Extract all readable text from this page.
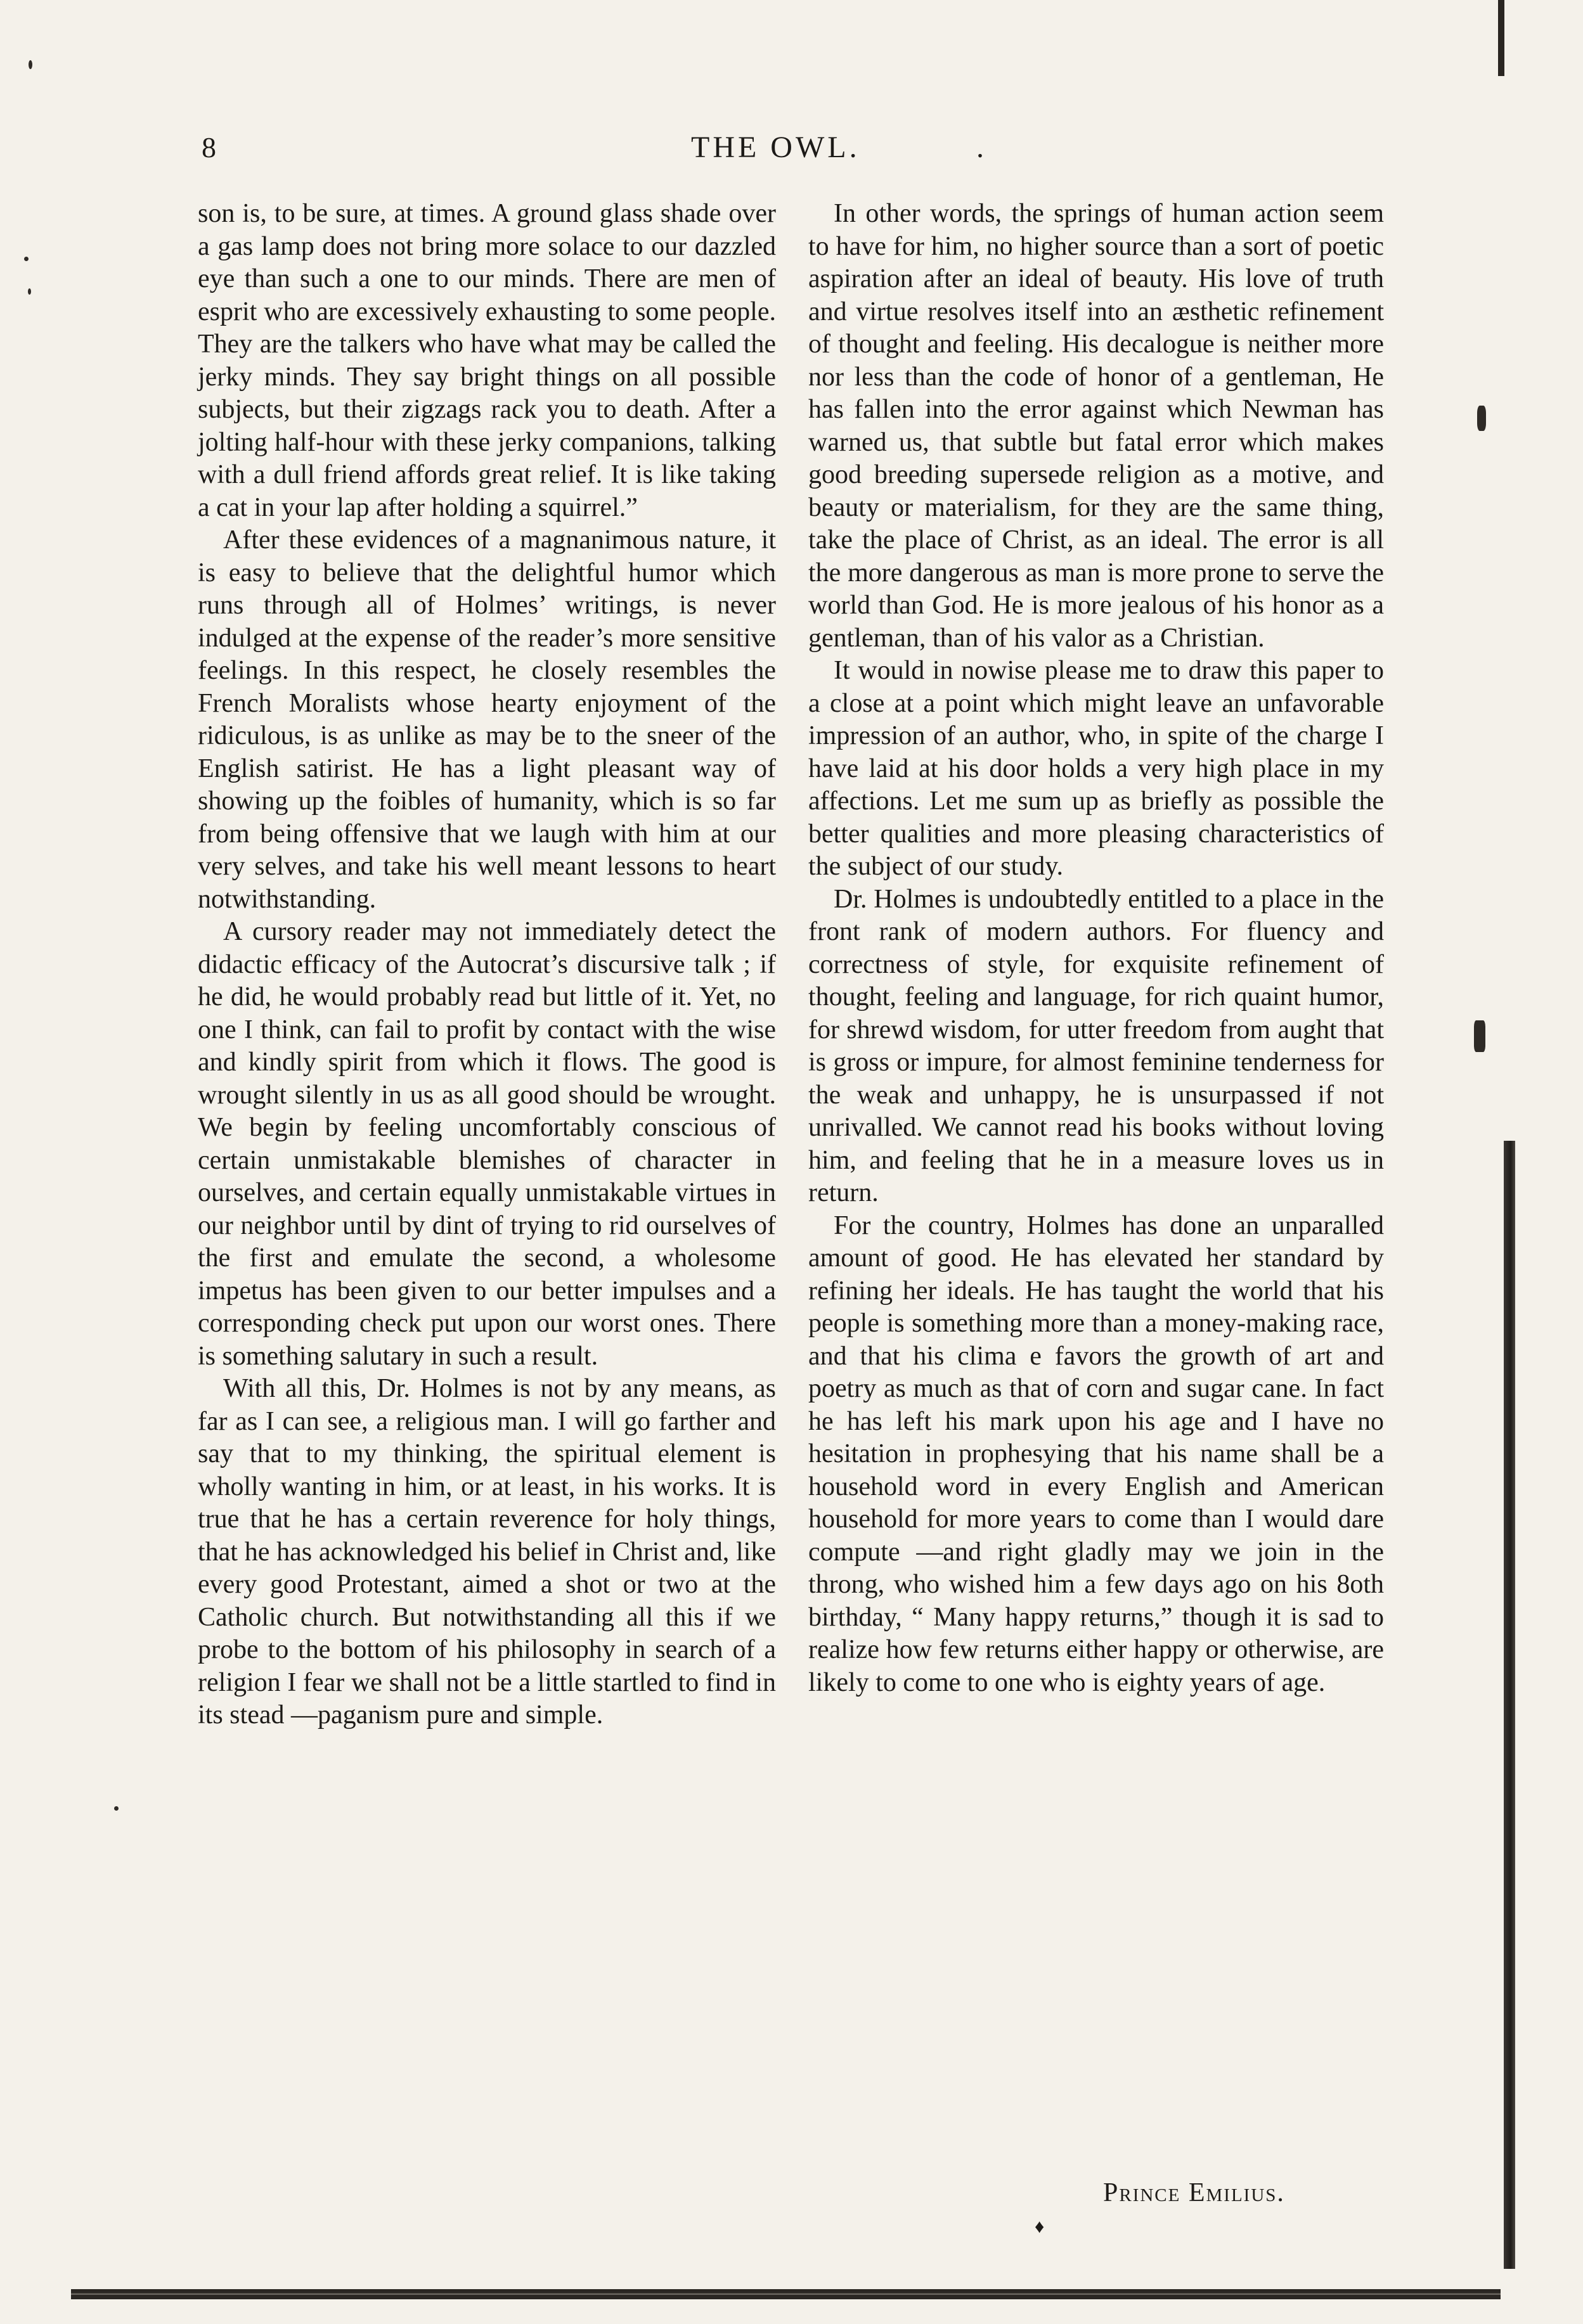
8	THE OWL.	.

son is, to be sure, at times. A ground glass shade over a gas lamp does not bring more solace to our dazzled eye than such a one to our minds. There are men of esprit who are excessively exhausting to some people. They are the talkers who have what may be called the jerky minds. They say bright things on all possible subjects, but their zigzags rack you to death. After a jolting half-hour with these jerky companions, talking with a dull friend affords great relief. It is like taking a cat in your lap after holding a squirrel.”

After these evidences of a magnanimous nature, it is easy to believe that the delightful humor which runs through all of Holmes’ writings, is never indulged at the expense of the reader’s more sensitive feelings. In this respect, he closely resembles the French Moralists whose hearty enjoyment of the ridiculous, is as unlike as may be to the sneer of the English satirist. He has a light pleasant way of showing up the foibles of humanity, which is so far from being offensive that we laugh with him at our very selves, and take his well meant lessons to heart notwithstanding.

A cursory reader may not immediately detect the didactic efficacy of the Autocrat’s discursive talk ; if he did, he would probably read but little of it. Yet, no one I think, can fail to profit by contact with the wise and kindly spirit from which it flows. The good is wrought silently in us as all good should be wrought. We begin by feeling uncomfortably conscious of certain unmistakable blemishes of character in ourselves, and certain equally unmistakable virtues in our neighbor until by dint of trying to rid ourselves of the first and emulate the second, a wholesome impetus has been given to our better impulses and a corresponding check put upon our worst ones. There is something salutary in such a result.

With all this, Dr. Holmes is not by any means, as far as I can see, a religious man. I will go farther and say that to my thinking, the spiritual element is wholly wanting in him, or at least, in his works. It is true that he has a certain reverence for holy things, that he has acknowledged his belief in Christ and, like every good Protestant, aimed a shot or two at the Catholic church. But notwithstanding all this if we probe to the bottom of his philosophy in search of a religion I fear we shall not be a little startled to find in its stead —paganism pure and simple.

In other words, the springs of human action seem to have for him, no higher source than a sort of poetic aspiration after an ideal of beauty. His love of truth and virtue resolves itself into an æsthetic refinement of thought and feeling. His decalogue is neither more nor less than the code of honor of a gentleman, He has fallen into the error against which Newman has warned us, that subtle but fatal error which makes good breeding supersede religion as a motive, and beauty or materialism, for they are the same thing, take the place of Christ, as an ideal. The error is all the more dangerous as man is more prone to serve the world than God. He is more jealous of his honor as a gentleman, than of his valor as a Christian.

It would in nowise please me to draw this paper to a close at a point which might leave an unfavorable impression of an author, who, in spite of the charge I have laid at his door holds a very high place in my affections. Let me sum up as briefly as possible the better qualities and more pleasing characteristics of the subject of our study.

Dr. Holmes is undoubtedly entitled to a place in the front rank of modern authors. For fluency and correctness of style, for exquisite refinement of thought, feeling and language, for rich quaint humor, for shrewd wisdom, for utter freedom from aught that is gross or impure, for almost feminine tenderness for the weak and unhappy, he is unsurpassed if not unrivalled. We cannot read his books without loving him, and feeling that he in a measure loves us in return.

For the country, Holmes has done an unparalled amount of good. He has elevated her standard by refining her ideals. He has taught the world that his people is something more than a money-making race, and that his clima e favors the growth of art and poetry as much as that of corn and sugar cane. In fact he has left his mark upon his age and I have no hesitation in prophesying that his name shall be a household word in every English and American household for more years to come than I would dare compute —and right gladly may we join in the throng, who wished him a few days ago on his 8oth birthday, “ Many happy returns,” though it is sad to realize how few returns either happy or otherwise, are likely to come to one who is eighty years of age.

Prince Emilius.
♦
